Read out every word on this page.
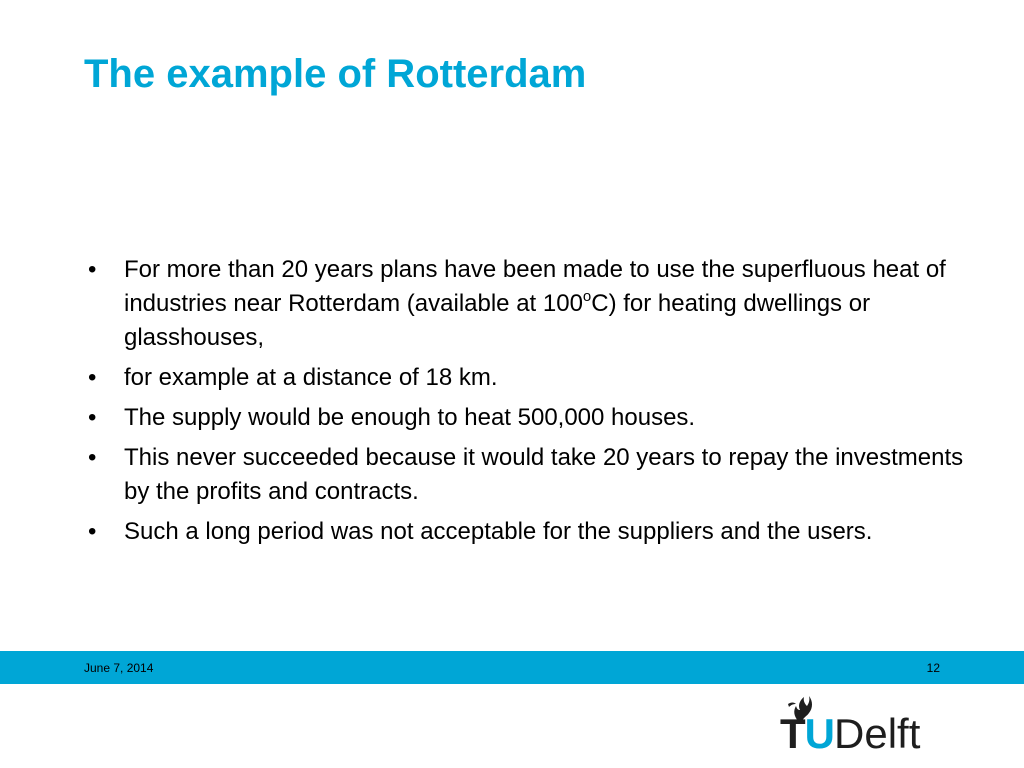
The example of Rotterdam
•	For more than 20 years plans have been made to use the superfluous heat of industries near Rotterdam (available at 100$^o$C) for heating dwellings or glasshouses,
•	for example at a distance of 18 km.
•	The supply would be enough to heat 500,000 houses.
•	This never succeeded because it would take 20 years to repay the investments by the profits and contracts.
•	Such a long period was not acceptable for the suppliers and the users.
June 7, 2014	12
TUDelft
